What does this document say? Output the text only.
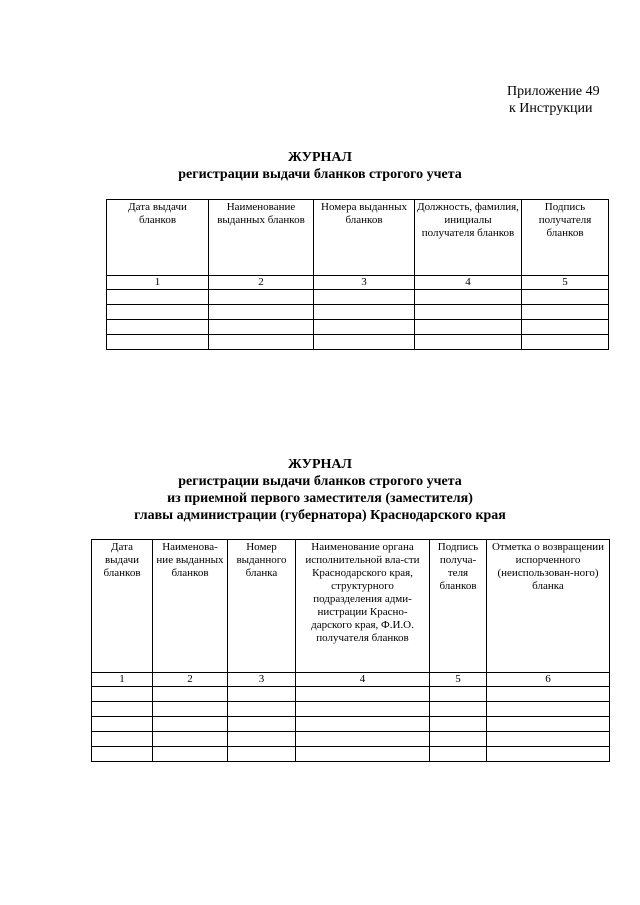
Приложение 49
к Инструкции
ЖУРНАЛ
регистрации выдачи бланков строгого учета
Дата выдачи бланков	Наименование выданных бланков	Номера выданных бланков	Должность, фамилия, инициалы получателя бланков	Подпись получателя бланков
1	2	3	4	5

ЖУРНАЛ
регистрации выдачи бланков строгого учета
из приемной первого заместителя (заместителя)
главы администрации (губернатора) Краснодарского края
Дата выдачи бланков	Наименова-ние выданных бланков	Номер выданного бланка	Наименование органа исполнительной вла-сти Краснодарского края, структурного подразделения адми-нистрации Красно-дарского края, Ф.И.О. получателя бланков	Подпись получа-теля бланков	Отметка о возвращении испорченного (неиспользован-ного) бланка
1	2	3	4	5	6
